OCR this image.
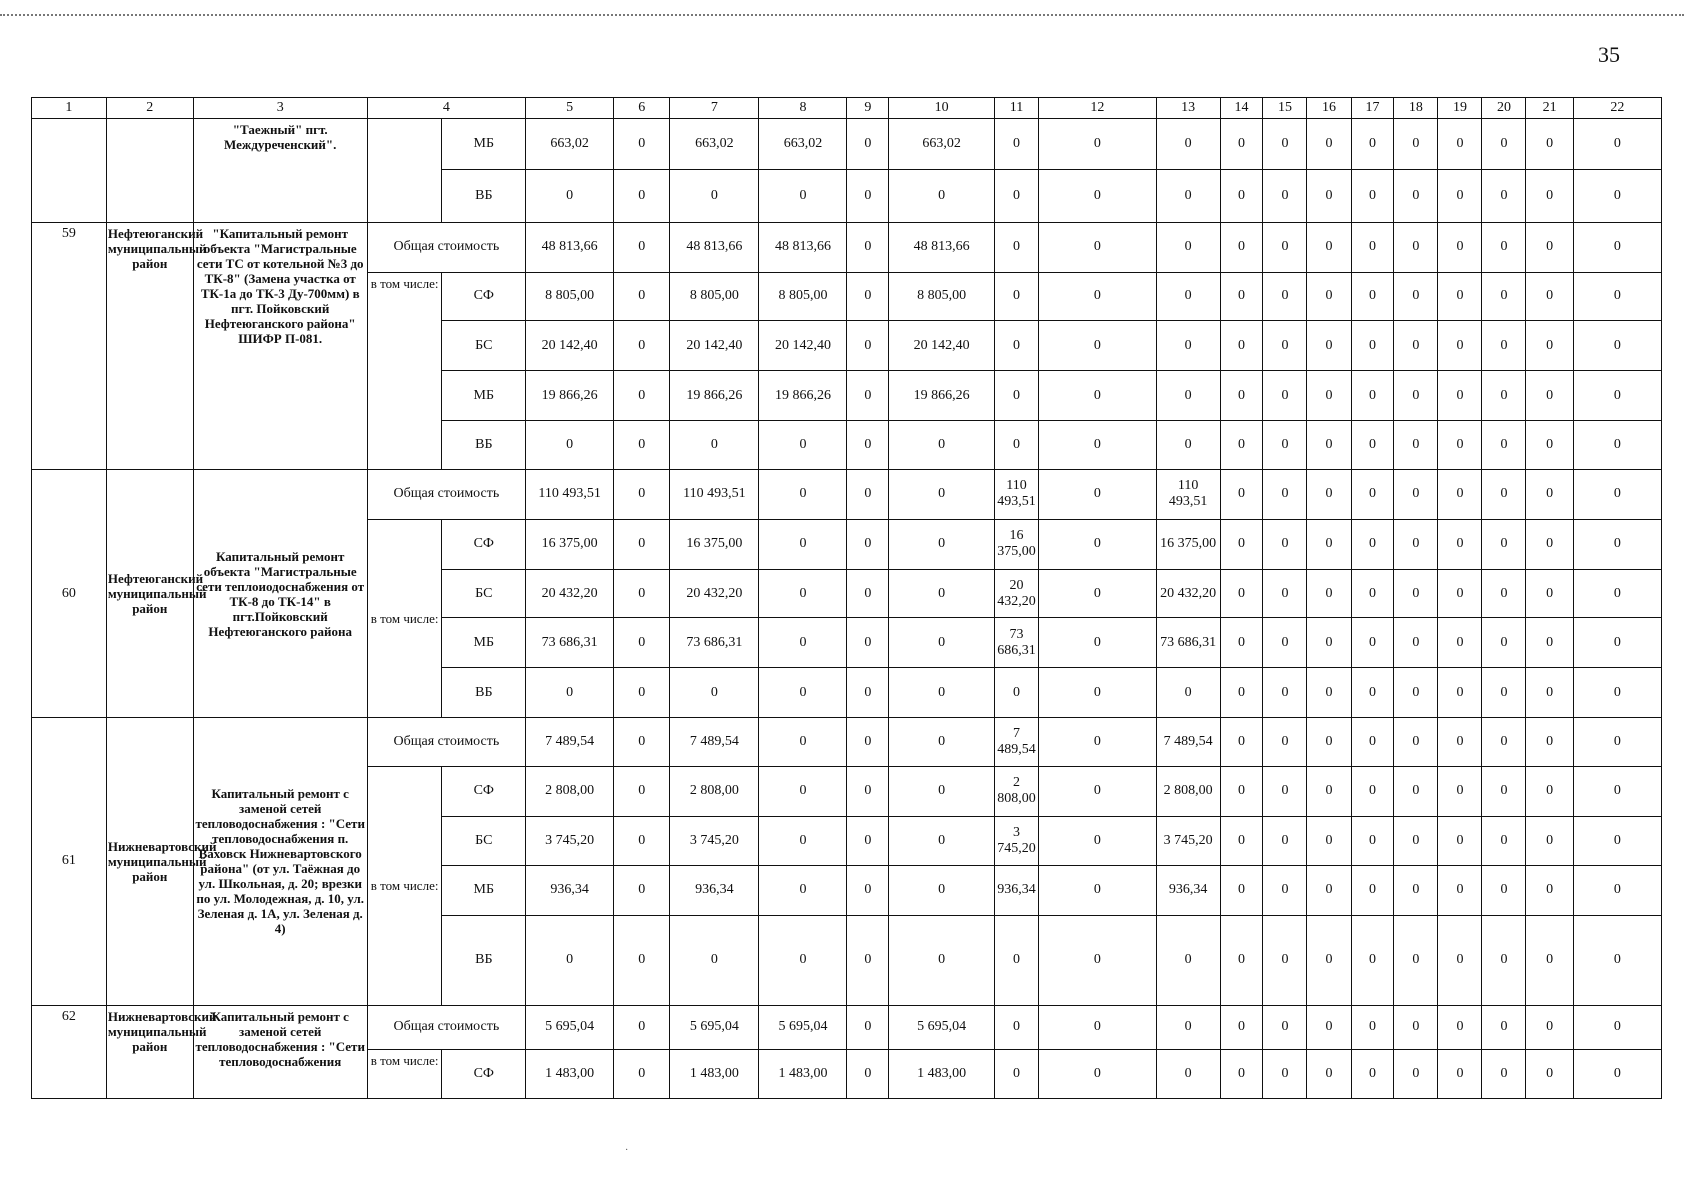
35
1	2	3	4		5	6	7	8	9	10	11	12	13	14	15	16	17	18	19	20	21	22
		"Таежный" пгт. Междуреченский".		МБ	663,02	0	663,02	663,02	0	663,02	0	0	0	0	0	0	0	0	0	0	0	0
				ВБ	0	0	0	0	0	0	0	0	0	0	0	0	0	0	0	0	0	0
59	Нефтеюганский муниципальный район	"Капитальный ремонт объекта "Магистральные сети ТС от котельной №3 до ТК-8" (Замена участка от ТК-1а до ТК-3 Ду-700мм) в пгт. Пойковский Нефтеюганского района" ШИФР П-081.	Общая стоимость		48 813,66	0	48 813,66	48 813,66	0	48 813,66	0	0	0	0	0	0	0	0	0	0	0	0
			в том числе:	СФ	8 805,00	0	8 805,00	8 805,00	0	8 805,00	0	0	0	0	0	0	0	0	0	0	0	0
				БС	20 142,40	0	20 142,40	20 142,40	0	20 142,40	0	0	0	0	0	0	0	0	0	0	0	0
				МБ	19 866,26	0	19 866,26	19 866,26	0	19 866,26	0	0	0	0	0	0	0	0	0	0	0	0
				ВБ	0	0	0	0	0	0	0	0	0	0	0	0	0	0	0	0	0	0
60	Нефтеюганский муниципальный район	Капитальный ремонт объекта "Магистральные сети теплоиодоснабжения от ТК-8 до ТК-14" в пгт.Пойковский Нефтеюганского района	Общая стоимость		110 493,51	0	110 493,51	0	0	0	110 493,51	0	110 493,51	0	0	0	0	0	0	0	0	0
			в том числе:	СФ	16 375,00	0	16 375,00	0	0	0	16 375,00	0	16 375,00	0	0	0	0	0	0	0	0	0
				БС	20 432,20	0	20 432,20	0	0	0	20 432,20	0	20 432,20	0	0	0	0	0	0	0	0	0
				МБ	73 686,31	0	73 686,31	0	0	0	73 686,31	0	73 686,31	0	0	0	0	0	0	0	0	0
				ВБ	0	0	0	0	0	0	0	0	0	0	0	0	0	0	0	0	0	0
61	Нижневартовский муниципальный район	Капитальный ремонт с заменой сетей тепловодоснабжения : "Сети тепловодоснабжения п. Ваховск Нижневартовского района" (от ул. Таёжная до ул. Школьная, д. 20; врезки по ул. Молодежная, д. 10, ул. Зеленая д. 1А, ул. Зеленая д. 4)	Общая стоимость		7 489,54	0	7 489,54	0	0	0	7 489,54	0	7 489,54	0	0	0	0	0	0	0	0	0
			в том числе:	СФ	2 808,00	0	2 808,00	0	0	0	2 808,00	0	2 808,00	0	0	0	0	0	0	0	0	0
				БС	3 745,20	0	3 745,20	0	0	0	3 745,20	0	3 745,20	0	0	0	0	0	0	0	0	0
				МБ	936,34	0	936,34	0	0	0	936,34	0	936,34	0	0	0	0	0	0	0	0	0
				ВБ	0	0	0	0	0	0	0	0	0	0	0	0	0	0	0	0	0	0
62	Нижневартовский муниципальный район	Капитальный ремонт с заменой сетей тепловодоснабжения : "Сети тепловодоснабжения	Общая стоимость		5 695,04	0	5 695,04	5 695,04	0	5 695,04	0	0	0	0	0	0	0	0	0	0	0	0
			в том числе:	СФ	1 483,00	0	1 483,00	1 483,00	0	1 483,00	0	0	0	0	0	0	0	0	0	0	0	0
·
